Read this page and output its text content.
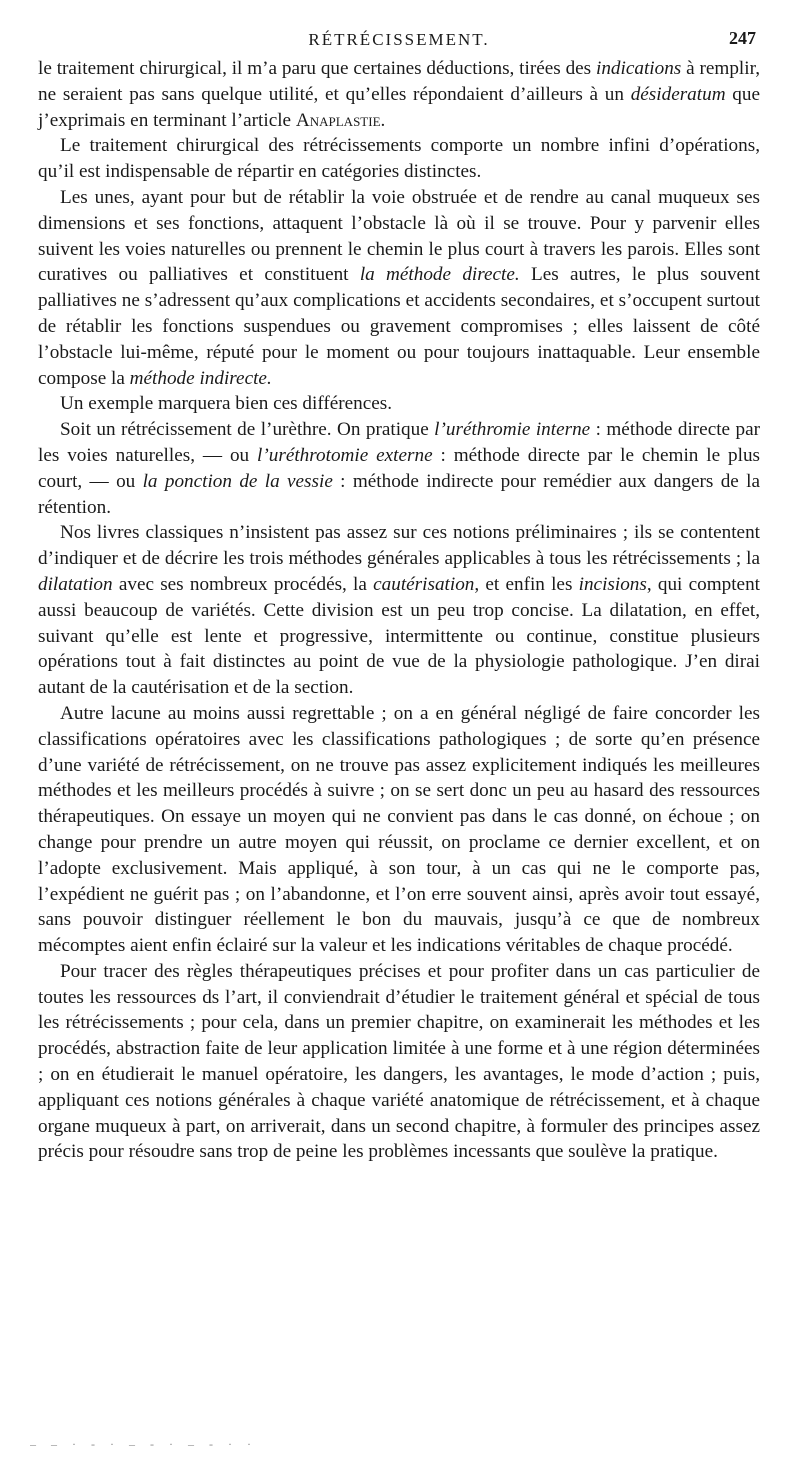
RÉTRÉCISSEMENT.	247

le traitement chirurgical, il m’a paru que certaines déductions, tirées des indications à remplir, ne seraient pas sans quelque utilité, et qu’elles répondaient d’ailleurs à un désideratum que j’exprimais en terminant l’article Anaplastie.

Le traitement chirurgical des rétrécissements comporte un nombre infini d’opérations, qu’il est indispensable de répartir en catégories distinctes.

Les unes, ayant pour but de rétablir la voie obstruée et de rendre au canal muqueux ses dimensions et ses fonctions, attaquent l’obstacle là où il se trouve. Pour y parvenir elles suivent les voies naturelles ou prennent le chemin le plus court à travers les parois. Elles sont curatives ou palliatives et constituent la méthode directe. Les autres, le plus souvent palliatives ne s’adressent qu’aux complications et accidents secondaires, et s’occupent surtout de rétablir les fonctions suspendues ou gravement compromises ; elles laissent de côté l’obstacle lui-même, réputé pour le moment ou pour toujours inattaquable. Leur ensemble compose la méthode indirecte.

Un exemple marquera bien ces différences.

Soit un rétrécissement de l’urèthre. On pratique l’uréthromie interne : méthode directe par les voies naturelles, — ou l’uréthrotomie externe : méthode directe par le chemin le plus court, — ou la ponction de la vessie : méthode indirecte pour remédier aux dangers de la rétention.

Nos livres classiques n’insistent pas assez sur ces notions préliminaires ; ils se contentent d’indiquer et de décrire les trois méthodes générales applicables à tous les rétrécissements ; la dilatation avec ses nombreux procédés, la cautérisation, et enfin les incisions, qui comptent aussi beaucoup de variétés. Cette division est un peu trop concise. La dilatation, en effet, suivant qu’elle est lente et progressive, intermittente ou continue, constitue plusieurs opérations tout à fait distinctes au point de vue de la physiologie pathologique. J’en dirai autant de la cautérisation et de la section.

Autre lacune au moins aussi regrettable ; on a en général négligé de faire concorder les classifications opératoires avec les classifications pathologiques ; de sorte qu’en présence d’une variété de rétrécissement, on ne trouve pas assez explicitement indiqués les meilleures méthodes et les meilleurs procédés à suivre ; on se sert donc un peu au hasard des ressources thérapeutiques. On essaye un moyen qui ne convient pas dans le cas donné, on échoue ; on change pour prendre un autre moyen qui réussit, on proclame ce dernier excellent, et on l’adopte exclusivement. Mais appliqué, à son tour, à un cas qui ne le comporte pas, l’expédient ne guérit pas ; on l’abandonne, et l’on erre souvent ainsi, après avoir tout essayé, sans pouvoir distinguer réellement le bon du mauvais, jusqu’à ce que de nombreux mécomptes aient enfin éclairé sur la valeur et les indications véritables de chaque procédé.

Pour tracer des règles thérapeutiques précises et pour profiter dans un cas particulier de toutes les ressources ds l’art, il conviendrait d’étudier le traitement général et spécial de tous les rétrécissements ; pour cela, dans un premier chapitre, on examinerait les méthodes et les procédés, abstraction faite de leur application limitée à une forme et à une région déterminées ; on en étudierait le manuel opératoire, les dangers, les avantages, le mode d’action ; puis, appliquant ces notions générales à chaque variété anatomique de rétrécissement, et à chaque organe muqueux à part, on arriverait, dans un second chapitre, à formuler des principes assez précis pour résoudre sans trop de peine les problèmes incessants que soulève la pratique.

– ‒ · - · ‒ - · ‒ - · ·
